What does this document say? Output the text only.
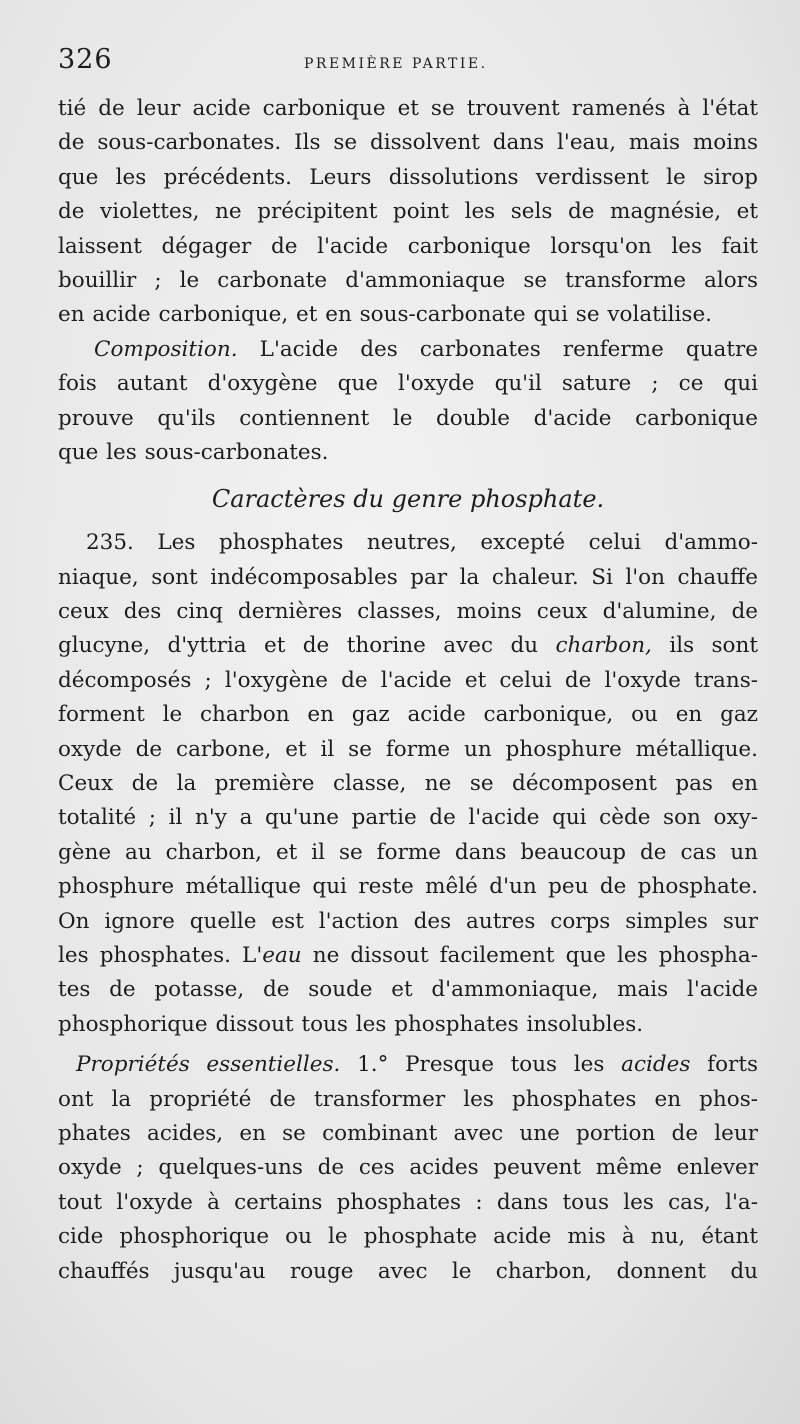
326	PREMIÈRE PARTIE.
tié de leur acide carbonique et se trouvent ramenés à l'état
de sous-carbonates. Ils se dissolvent dans l'eau, mais moins
que les précédents. Leurs dissolutions verdissent le sirop
de violettes, ne précipitent point les sels de magnésie, et
laissent dégager de l'acide carbonique lorsqu'on les fait
bouillir ; le carbonate d'ammoniaque se transforme alors
en acide carbonique, et en sous-carbonate qui se volatilise.
Composition. L'acide des carbonates renferme quatre
fois autant d'oxygène que l'oxyde qu'il sature ; ce qui
prouve qu'ils contiennent le double d'acide carbonique
que les sous-carbonates.
Caractères du genre phosphate.
235. Les phosphates neutres, excepté celui d'ammo-
niaque, sont indécomposables par la chaleur. Si l'on chauffe
ceux des cinq dernières classes, moins ceux d'alumine, de
glucyne, d'yttria et de thorine avec du charbon, ils sont
décomposés ; l'oxygène de l'acide et celui de l'oxyde trans-
forment le charbon en gaz acide carbonique, ou en gaz
oxyde de carbone, et il se forme un phosphure métallique.
Ceux de la première classe, ne se décomposent pas en
totalité ; il n'y a qu'une partie de l'acide qui cède son oxy-
gène au charbon, et il se forme dans beaucoup de cas un
phosphure métallique qui reste mêlé d'un peu de phosphate.
On ignore quelle est l'action des autres corps simples sur
les phosphates. L'eau ne dissout facilement que les phospha-
tes de potasse, de soude et d'ammoniaque, mais l'acide
phosphorique dissout tous les phosphates insolubles.
Propriétés essentielles. 1.° Presque tous les acides forts
ont la propriété de transformer les phosphates en phos-
phates acides, en se combinant avec une portion de leur
oxyde ; quelques-uns de ces acides peuvent même enlever
tout l'oxyde à certains phosphates : dans tous les cas, l'a-
cide phosphorique ou le phosphate acide mis à nu, étant
chauffés jusqu'au rouge avec le charbon, donnent du
